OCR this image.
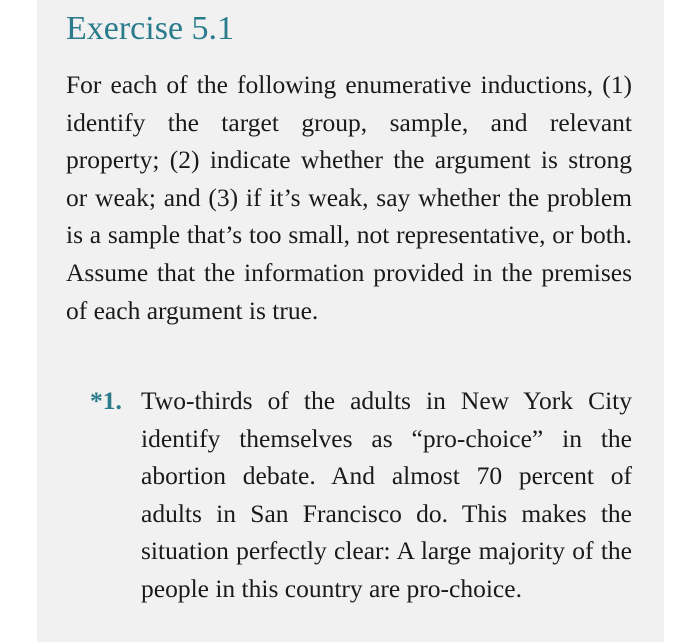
Exercise 5.1

For each of the following enumerative inductions, (1) identify the target group, sample, and relevant property; (2) indicate whether the argument is strong or weak; and (3) if it’s weak, say whether the problem is a sample that’s too small, not representative, or both. Assume that the information provided in the premises of each argument is true.

*1. Two-thirds of the adults in New York City identify themselves as “pro-choice” in the abortion debate. And almost 70 percent of adults in San Francisco do. This makes the situation perfectly clear: A large majority of the people in this country are pro-choice.
